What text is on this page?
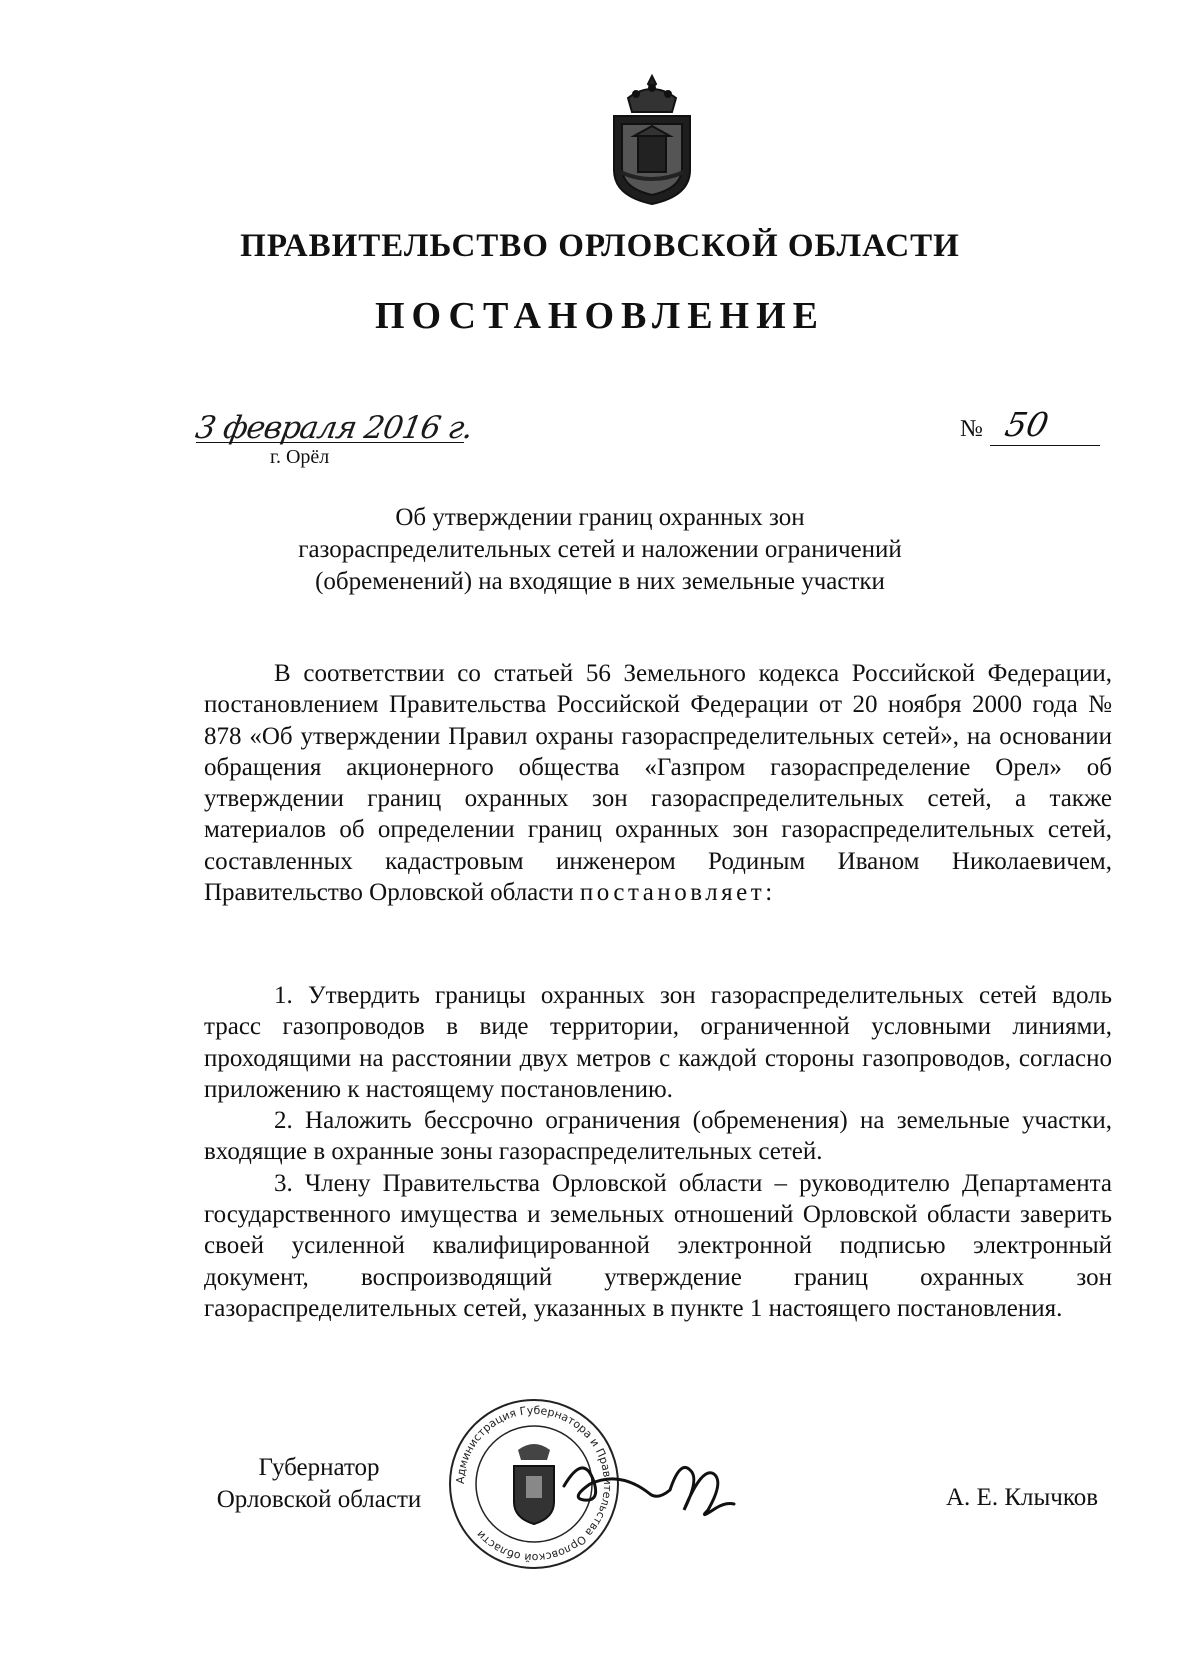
ПРАВИТЕЛЬСТВО ОРЛОВСКОЙ ОБЛАСТИ
ПОСТАНОВЛЕНИЕ
3 февраля 2016 г.
г. Орёл
№ 50
Об утверждении границ охранных зон
газораспределительных сетей и наложении ограничений
(обременений) на входящие в них земельные участки

В соответствии со статьей 56 Земельного кодекса Российской Федерации, постановлением Правительства Российской Федерации от 20 ноября 2000 года № 878 «Об утверждении Правил охраны газораспределительных сетей», на основании обращения акционерного общества «Газпром газораспределение Орел» об утверждении границ охранных зон газораспределительных сетей, а также материалов об определении границ охранных зон газораспределительных сетей, составленных кадастровым инженером Родиным Иваном Николаевичем, Правительство Орловской области постановляет:

1. Утвердить границы охранных зон газораспределительных сетей вдоль трасс газопроводов в виде территории, ограниченной условными линиями, проходящими на расстоянии двух метров с каждой стороны газопроводов, согласно приложению к настоящему постановлению.

2. Наложить бессрочно ограничения (обременения) на земельные участки, входящие в охранные зоны газораспределительных сетей.

3. Члену Правительства Орловской области – руководителю Департамента государственного имущества и земельных отношений Орловской области заверить своей усиленной квалифицированной электронной подписью электронный документ, воспроизводящий утверждение границ охранных зон газораспределительных сетей, указанных в пункте 1 настоящего постановления.

Губернатор
Орловской области
Администрация Губернатора и Правительства Орловской области
А. Е. Клычков
